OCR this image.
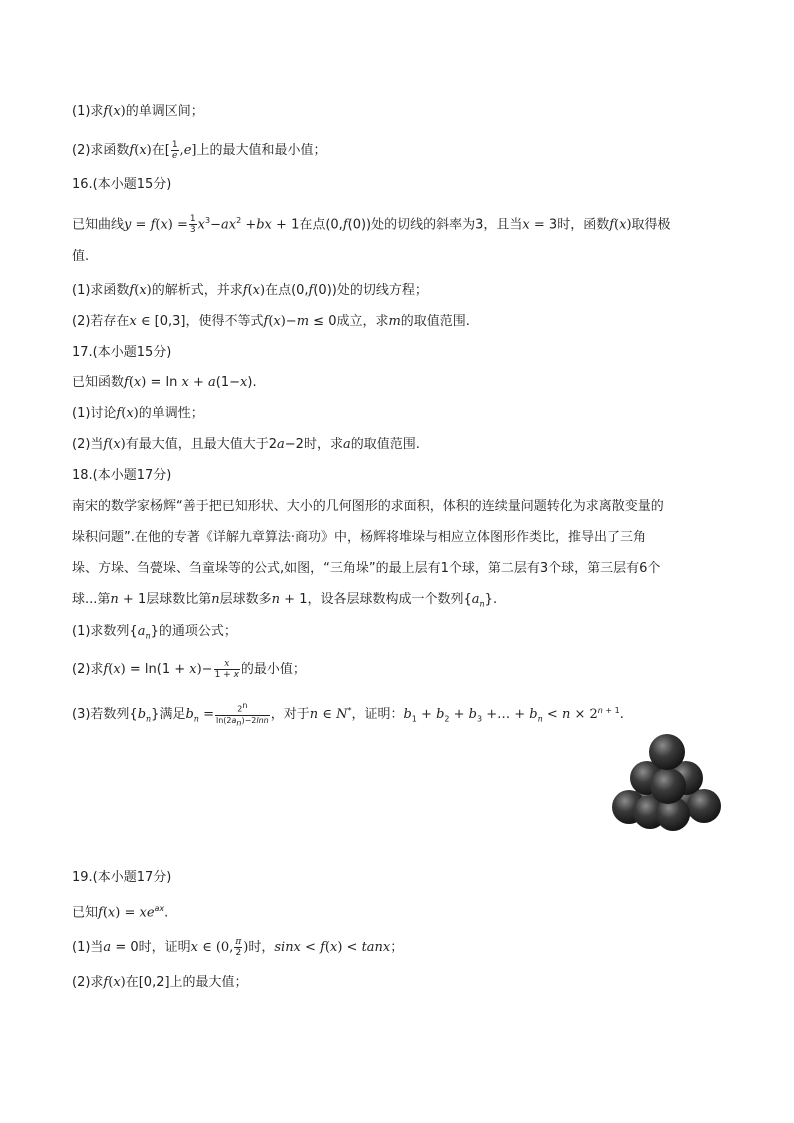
(1)求f(x)的单调区间；
(2)求函数f(x)在[ $\frac{1}{e} ,e$]上的最大值和最小值；
16.(本小题15分)
已知曲线$y = f(x) = \frac{1}{3} x^3-ax^2 +bx + 1$在点(0,f(0))处的切线的斜率为3，且当x = 3时，函数f(x)取得极
值.
(1)求函数f(x)的解析式，并求f(x)在点(0,f(0))处的切线方程；
(2)若存在x ∈ [0,3]，使得不等式f(x)−m ≤ 0成立，求m的取值范围.
17.(本小题15分)
已知函数f(x) = ln x + a(1−x).
(1)讨论f(x)的单调性；
(2)当f(x)有最大值，且最大值大于2a−2时，求a的取值范围.
18.(本小题17分)
南宋的数学家杨辉“善于把已知形状、大小的几何图形的求面积，体积的连续量问题转化为求离散变量的
垛积问题”.在他的专著《详解九章算法·商功》中，杨辉将堆垛与相应立体图形作类比，推导出了三角
垛、方垛、刍甍垛、刍童垛等的公式,如图，“三角垛”的最上层有1个球，第二层有3个球，第三层有6个
球...第n + 1层球数比第n层球数多n + 1，设各层球数构成一个数列$\{a_n\}$.
(1)求数列$\{a_n\}$的通项公式；
(2)求$f(x) = \ln(1 + x)- \frac{x}{1 + x}$ 的最小值；
(3)若数列$\{b_n\}$满足$b_n = \frac{2^n}{\ln(2a_n)-2\ln n}$ ，对于n ∈ N*，证明：$b_1 + b_2 + b_3$ +… + $b_n < n \times 2^{n + 1}$.
19.(本小题17分)
已知$f(x) = xe^{ax}$.
(1)当a = 0时，证明x ∈ (0, $\frac{\pi}{2}$ )时，sinx < f(x) < tanx；
(2)求f(x)在[0,2]上的最大值；
